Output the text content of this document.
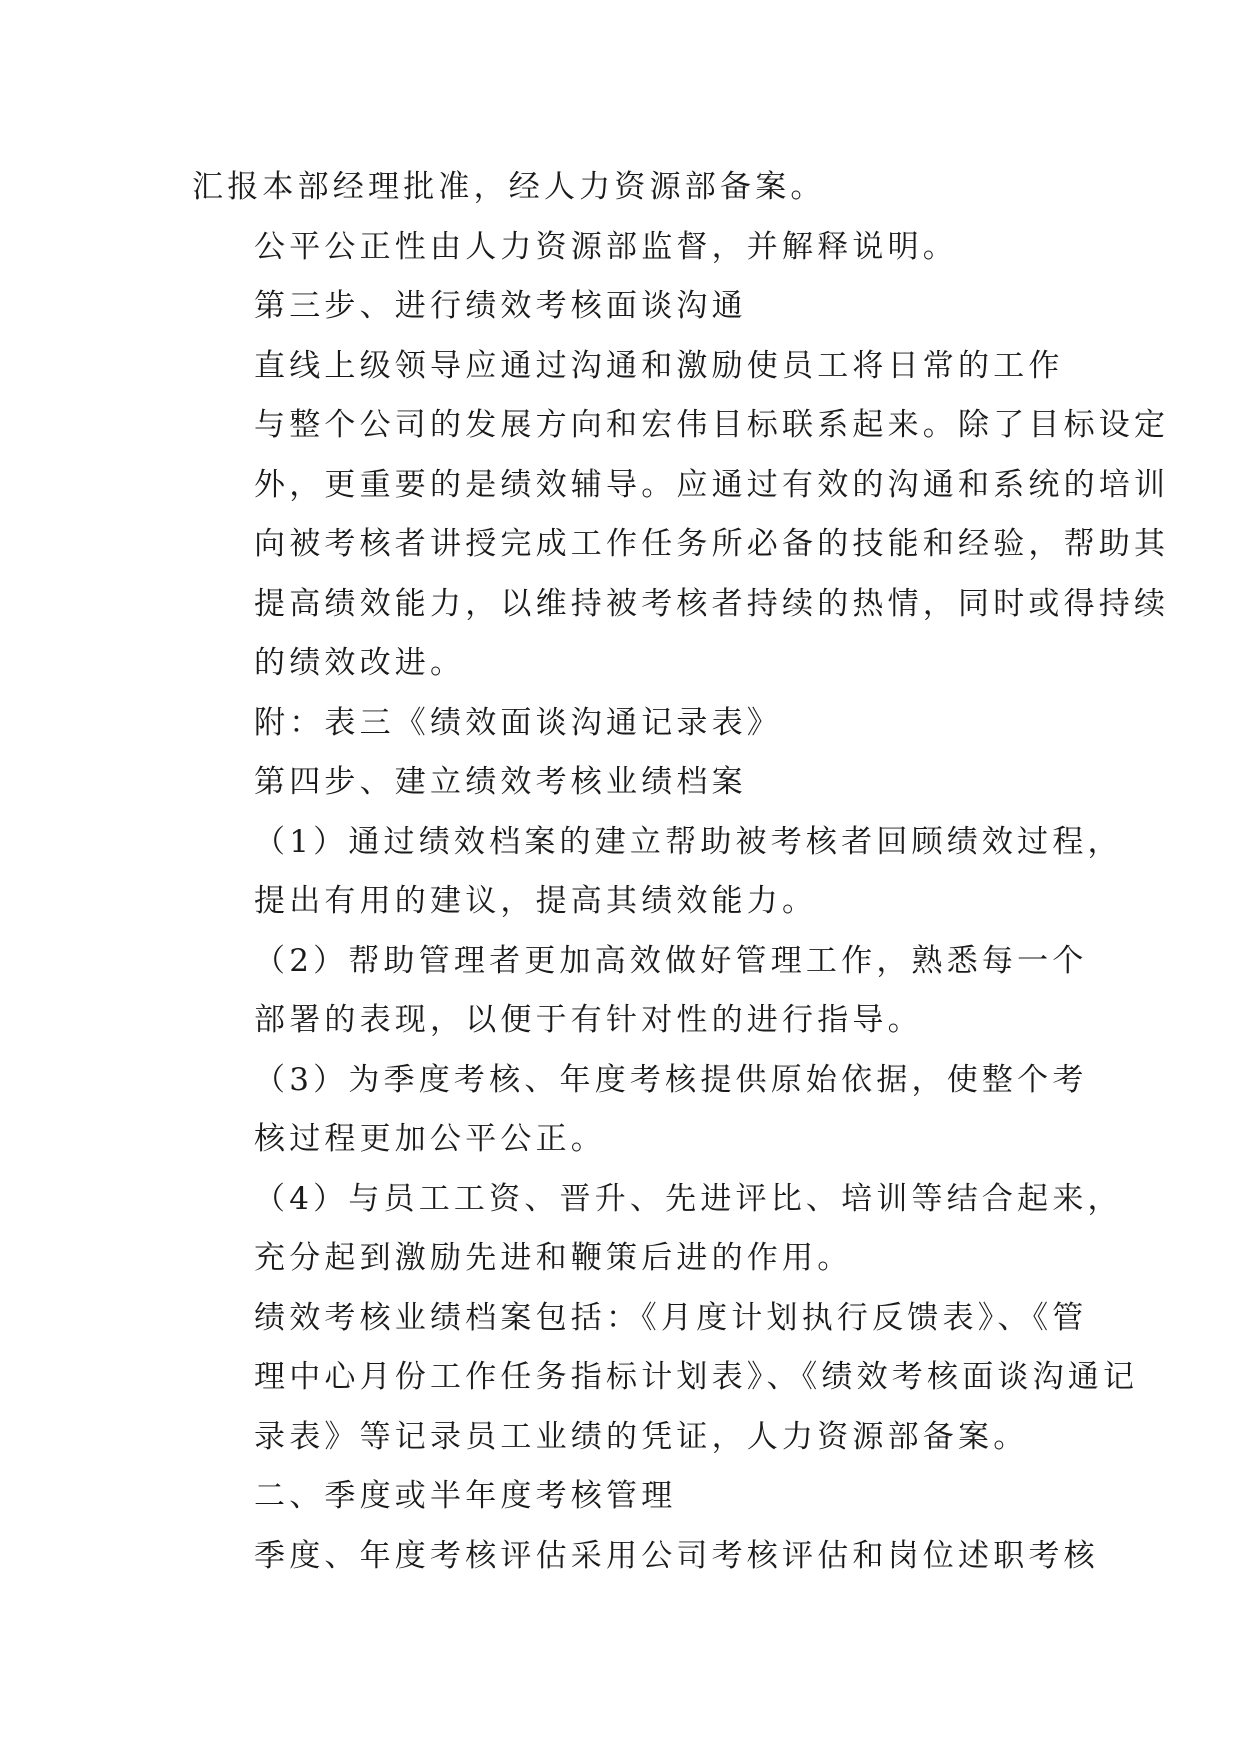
汇报本部经理批准，经人力资源部备案。

公平公正性由人力资源部监督，并解释说明。

第三步、进行绩效考核面谈沟通

直线上级领导应通过沟通和激励使员工将日常的工作
与整个公司的发展方向和宏伟目标联系起来。除了目标设定
外，更重要的是绩效辅导。应通过有效的沟通和系统的培训
向被考核者讲授完成工作任务所必备的技能和经验，帮助其
提高绩效能力，以维持被考核者持续的热情，同时或得持续
的绩效改进。

附：表三《绩效面谈沟通记录表》

第四步、建立绩效考核业绩档案

（1）通过绩效档案的建立帮助被考核者回顾绩效过程，
提出有用的建议，提高其绩效能力。

（2）帮助管理者更加高效做好管理工作，熟悉每一个
部署的表现，以便于有针对性的进行指导。

（3）为季度考核、年度考核提供原始依据，使整个考
核过程更加公平公正。

（4）与员工工资、晋升、先进评比、培训等结合起来，
充分起到激励先进和鞭策后进的作用。

绩效考核业绩档案包括：《月度计划执行反馈表》、《管
理中心月份工作任务指标计划表》、《绩效考核面谈沟通记
录表》等记录员工业绩的凭证，人力资源部备案。

二、季度或半年度考核管理

季度、年度考核评估采用公司考核评估和岗位述职考核
